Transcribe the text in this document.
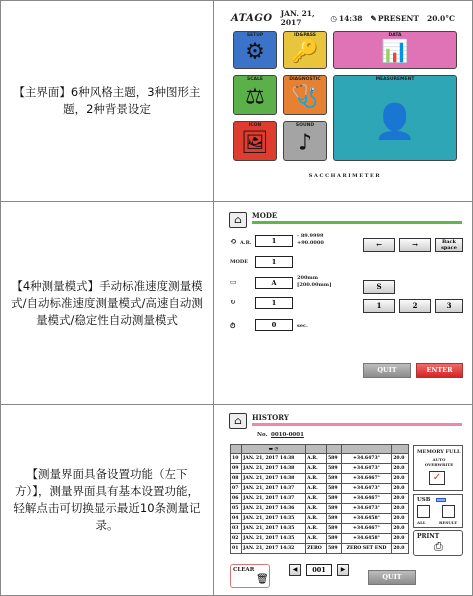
【主界面】6种风格主题，3种图形主题，2种背景设定
ATAGO JAN. 21, 2017	◷ 14:38 ✎ PRESENT 20.0°C
SETUP
⚙
ID&PASS
🔑
DATA
📊
SCALE
⚖
DIAGNOSTIC
🩺
MEASUREMENT
👤
ICON
🖼
SOUND
♪
SACCHARIMETER
【4种测量模式】手动标准速度测量模式/自动标准速度测量模式/高速自动测量模式/稳定性自动测量模式
⌂ MODE
⟲ A.R.	1
- 89.9999
+90.0000	←	→	Back
space
MODE	1
▭	A
200mm
[200.00mm]	S
↻	1	1	2	3
⏱	0	sec.
QUIT	ENTER
【测量界面具备设置功能（左下方）】，测量界面具有基本设置功能，轻解点击可切换显示最近10条测量记录。
⌂ HISTORY
No. 0010-0001
	▬ ◷				
10	JAN. 21, 2017 14:38	A.R.	589	+34.6473°	20.0
09	JAN. 21, 2017 14:38	A.R.	589	+34.6473°	20.0
08	JAN. 21, 2017 14:38	A.R.	589	+34.6467°	20.0
07	JAN. 21, 2017 14:37	A.R.	589	+34.6473°	20.0
06	JAN. 21, 2017 14:37	A.R.	589	+34.6467°	20.0
05	JAN. 21, 2017 14:36	A.R.	589	+34.6473°	20.0
04	JAN. 21, 2017 14:35	A.R.	589	+34.6458°	20.0
03	JAN. 21, 2017 14:35	A.R.	589	+34.6467°	20.0
02	JAN. 21, 2017 14:35	A.R.	589	+34.6458°	20.0
01	JAN. 21, 2017 14:32	ZERO	589	ZERO SET END	20.0
MEMORY FULL
AUTO OVERWRITE
✓
USB
ALL	RESULT
PRINT
⎙
CLEAR
🗑
◀	001	▶
QUIT
